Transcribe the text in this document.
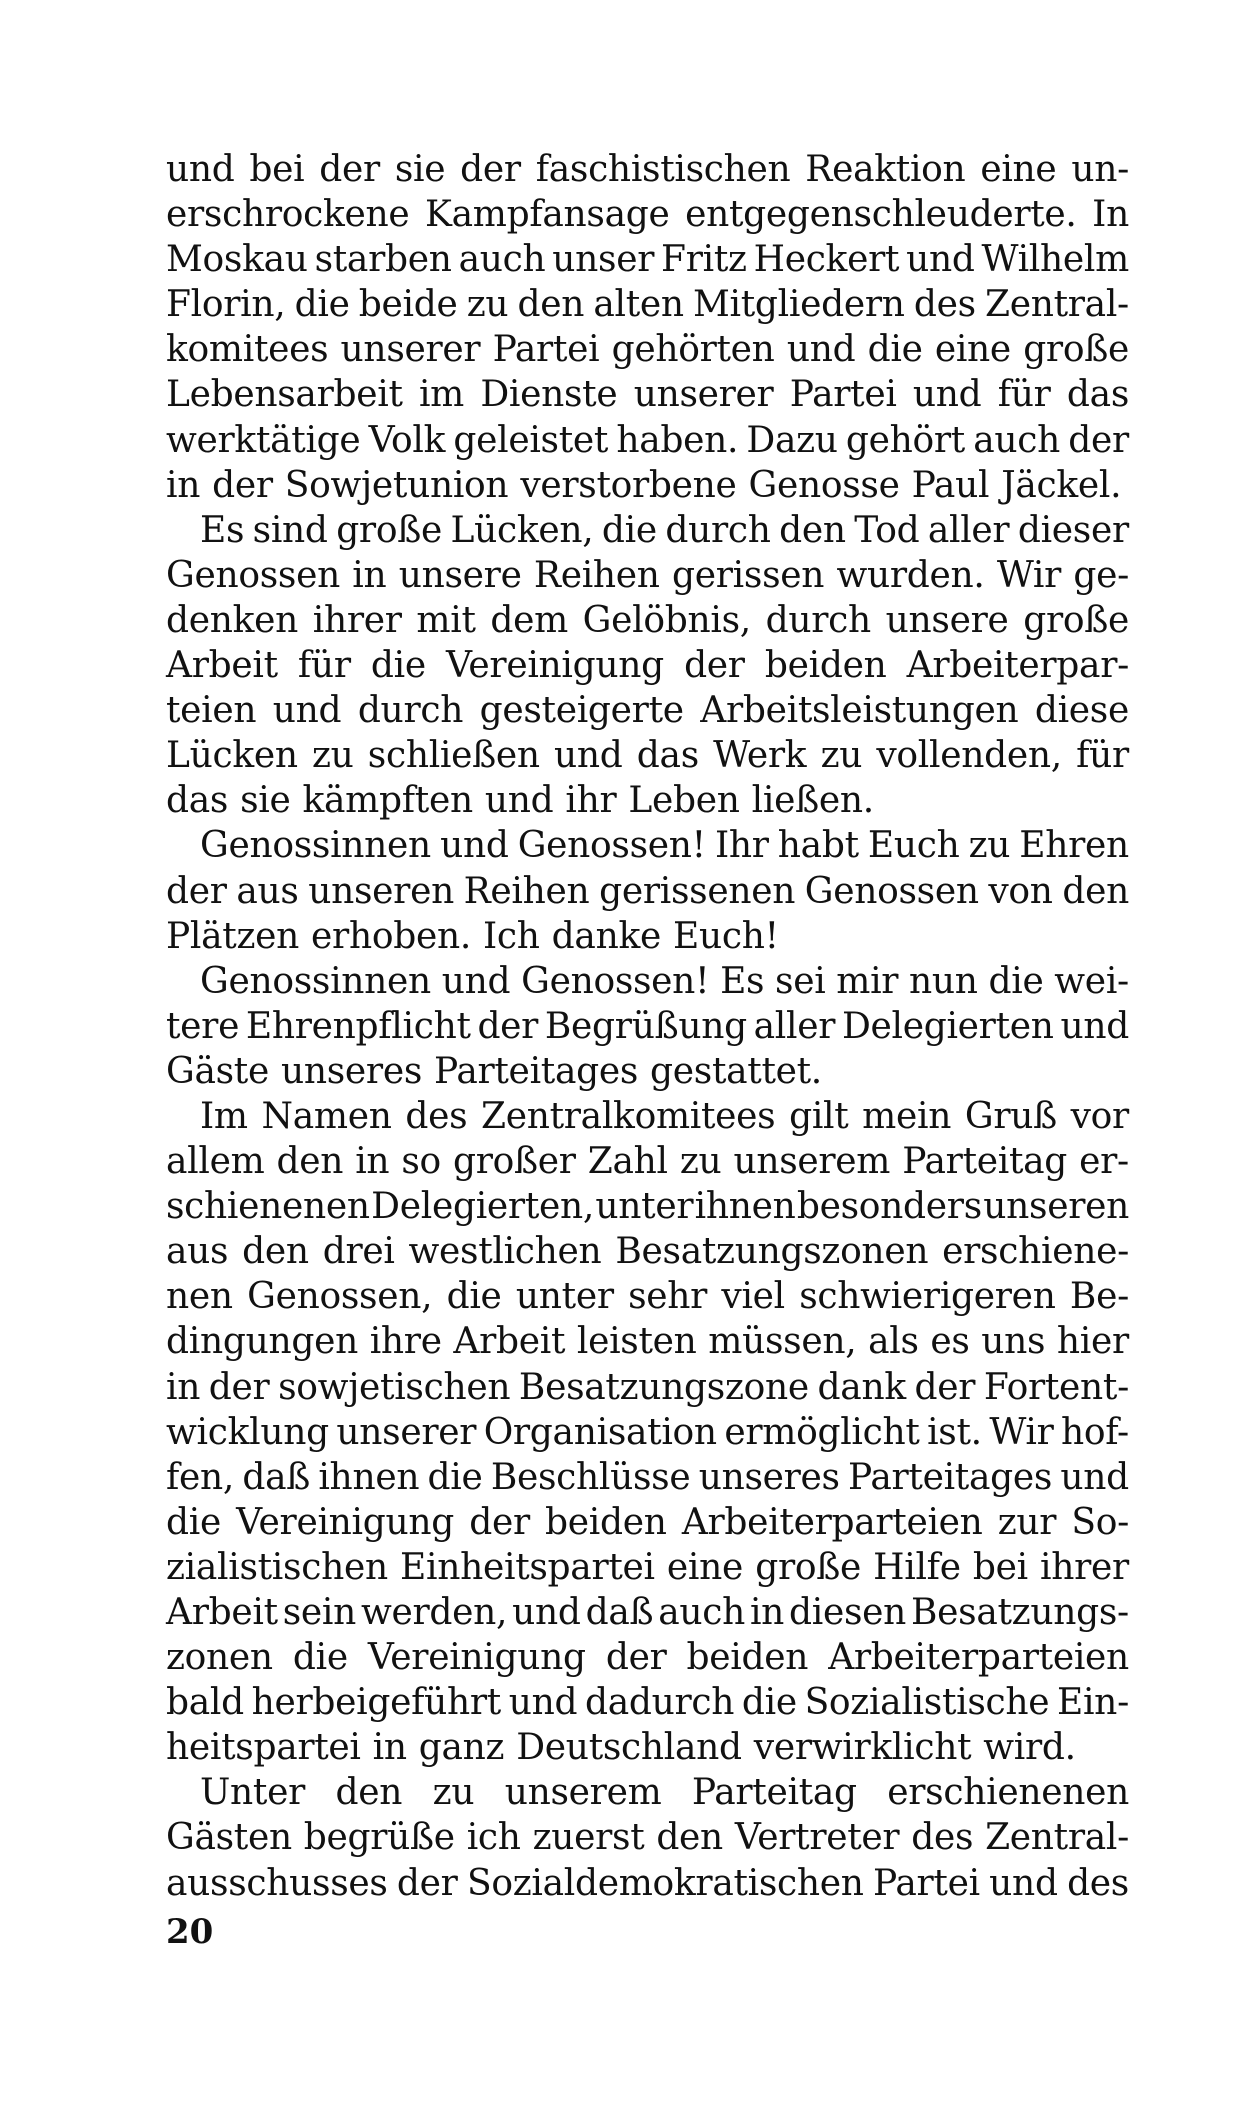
und bei der sie der faschistischen Reaktion eine un-
erschrockene Kampfansage entgegenschleuderte. In
Moskau starben auch unser Fritz Heckert und Wilhelm
Florin, die beide zu den alten Mitgliedern des Zentral-
komitees unserer Partei gehörten und die eine große
Lebensarbeit im Dienste unserer Partei und für das
werktätige Volk geleistet haben. Dazu gehört auch der
in der Sowjetunion verstorbene Genosse Paul Jäckel.
Es sind große Lücken, die durch den Tod aller dieser
Genossen in unsere Reihen gerissen wurden. Wir ge-
denken ihrer mit dem Gelöbnis, durch unsere große
Arbeit für die Vereinigung der beiden Arbeiterpar-
teien und durch gesteigerte Arbeitsleistungen diese
Lücken zu schließen und das Werk zu vollenden, für
das sie kämpften und ihr Leben ließen.
Genossinnen und Genossen! Ihr habt Euch zu Ehren
der aus unseren Reihen gerissenen Genossen von den
Plätzen erhoben. Ich danke Euch!
Genossinnen und Genossen! Es sei mir nun die wei-
tere Ehrenpflicht der Begrüßung aller Delegierten und
Gäste unseres Parteitages gestattet.
Im Namen des Zentralkomitees gilt mein Gruß vor
allem den in so großer Zahl zu unserem Parteitag er-
schienenen Delegierten, unter ihnen besonders unseren
aus den drei westlichen Besatzungszonen erschiene-
nen Genossen, die unter sehr viel schwierigeren Be-
dingungen ihre Arbeit leisten müssen, als es uns hier
in der sowjetischen Besatzungszone dank der Fortent-
wicklung unserer Organisation ermöglicht ist. Wir hof-
fen, daß ihnen die Beschlüsse unseres Parteitages und
die Vereinigung der beiden Arbeiterparteien zur So-
zialistischen Einheitspartei eine große Hilfe bei ihrer
Arbeit sein werden, und daß auch in diesen Besatzungs-
zonen die Vereinigung der beiden Arbeiterparteien
bald herbeigeführt und dadurch die Sozialistische Ein-
heitspartei in ganz Deutschland verwirklicht wird.
Unter den zu unserem Parteitag erschienenen
Gästen begrüße ich zuerst den Vertreter des Zentral-
ausschusses der Sozialdemokratischen Partei und des
20
